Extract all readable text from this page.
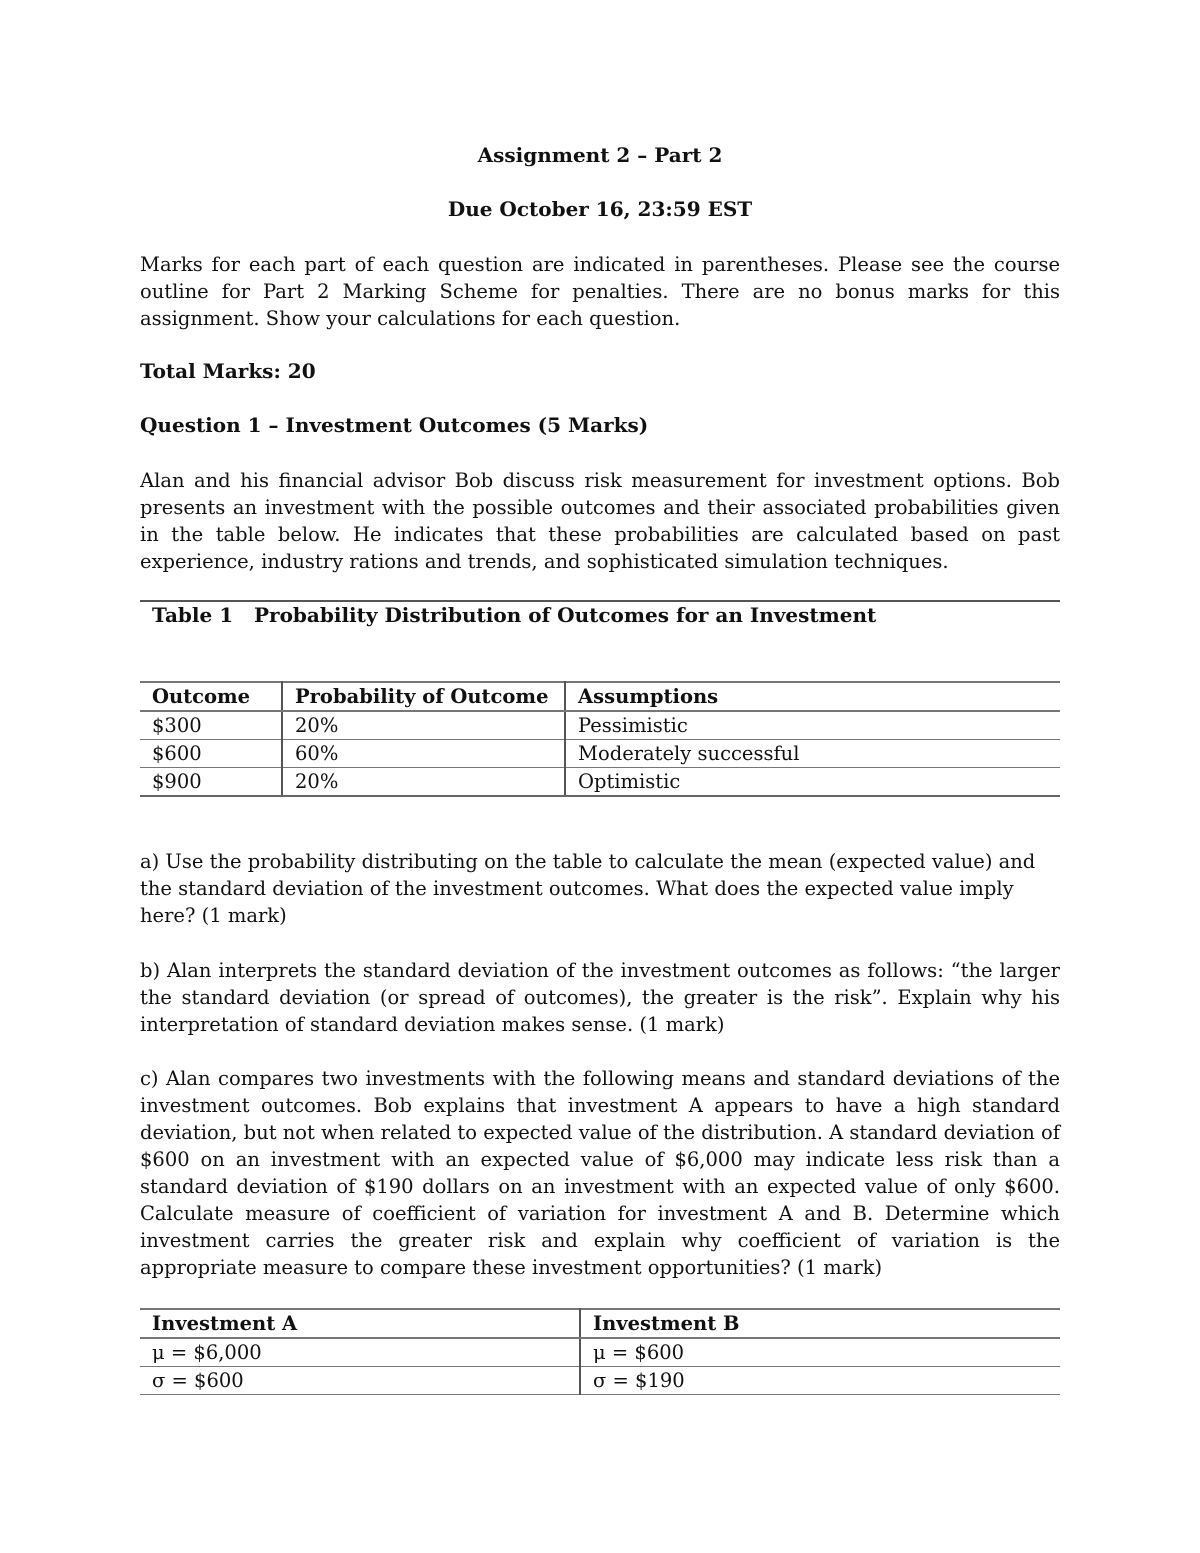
Assignment 2 – Part 2
Due October 16, 23:59 EST
Marks for each part of each question are indicated in parentheses. Please see the course outline for Part 2 Marking Scheme for penalties. There are no bonus marks for this assignment. Show your calculations for each question.
Total Marks: 20
Question 1 – Investment Outcomes (5 Marks)
Alan and his financial advisor Bob discuss risk measurement for investment options. Bob presents an investment with the possible outcomes and their associated probabilities given in the table below. He indicates that these probabilities are calculated based on past experience, industry rations and trends, and sophisticated simulation techniques.
Table 1   Probability Distribution of Outcomes for an Investment
Outcome	Probability of Outcome	Assumptions
$300	20%	Pessimistic
$600	60%	Moderately successful
$900	20%	Optimistic
a) Use the probability distributing on the table to calculate the mean (expected value) and the standard deviation of the investment outcomes. What does the expected value imply here? (1 mark)
b) Alan interprets the standard deviation of the investment outcomes as follows: “the larger the standard deviation (or spread of outcomes), the greater is the risk”. Explain why his interpretation of standard deviation makes sense. (1 mark)
c) Alan compares two investments with the following means and standard deviations of the investment outcomes. Bob explains that investment A appears to have a high standard deviation, but not when related to expected value of the distribution. A standard deviation of $600 on an investment with an expected value of $6,000 may indicate less risk than a standard deviation of $190 dollars on an investment with an expected value of only $600. Calculate measure of coefficient of variation for investment A and B. Determine which investment carries the greater risk and explain why coefficient of variation is the appropriate measure to compare these investment opportunities? (1 mark)
Investment A	Investment B
μ = $6,000	μ = $600
σ = $600	σ = $190
